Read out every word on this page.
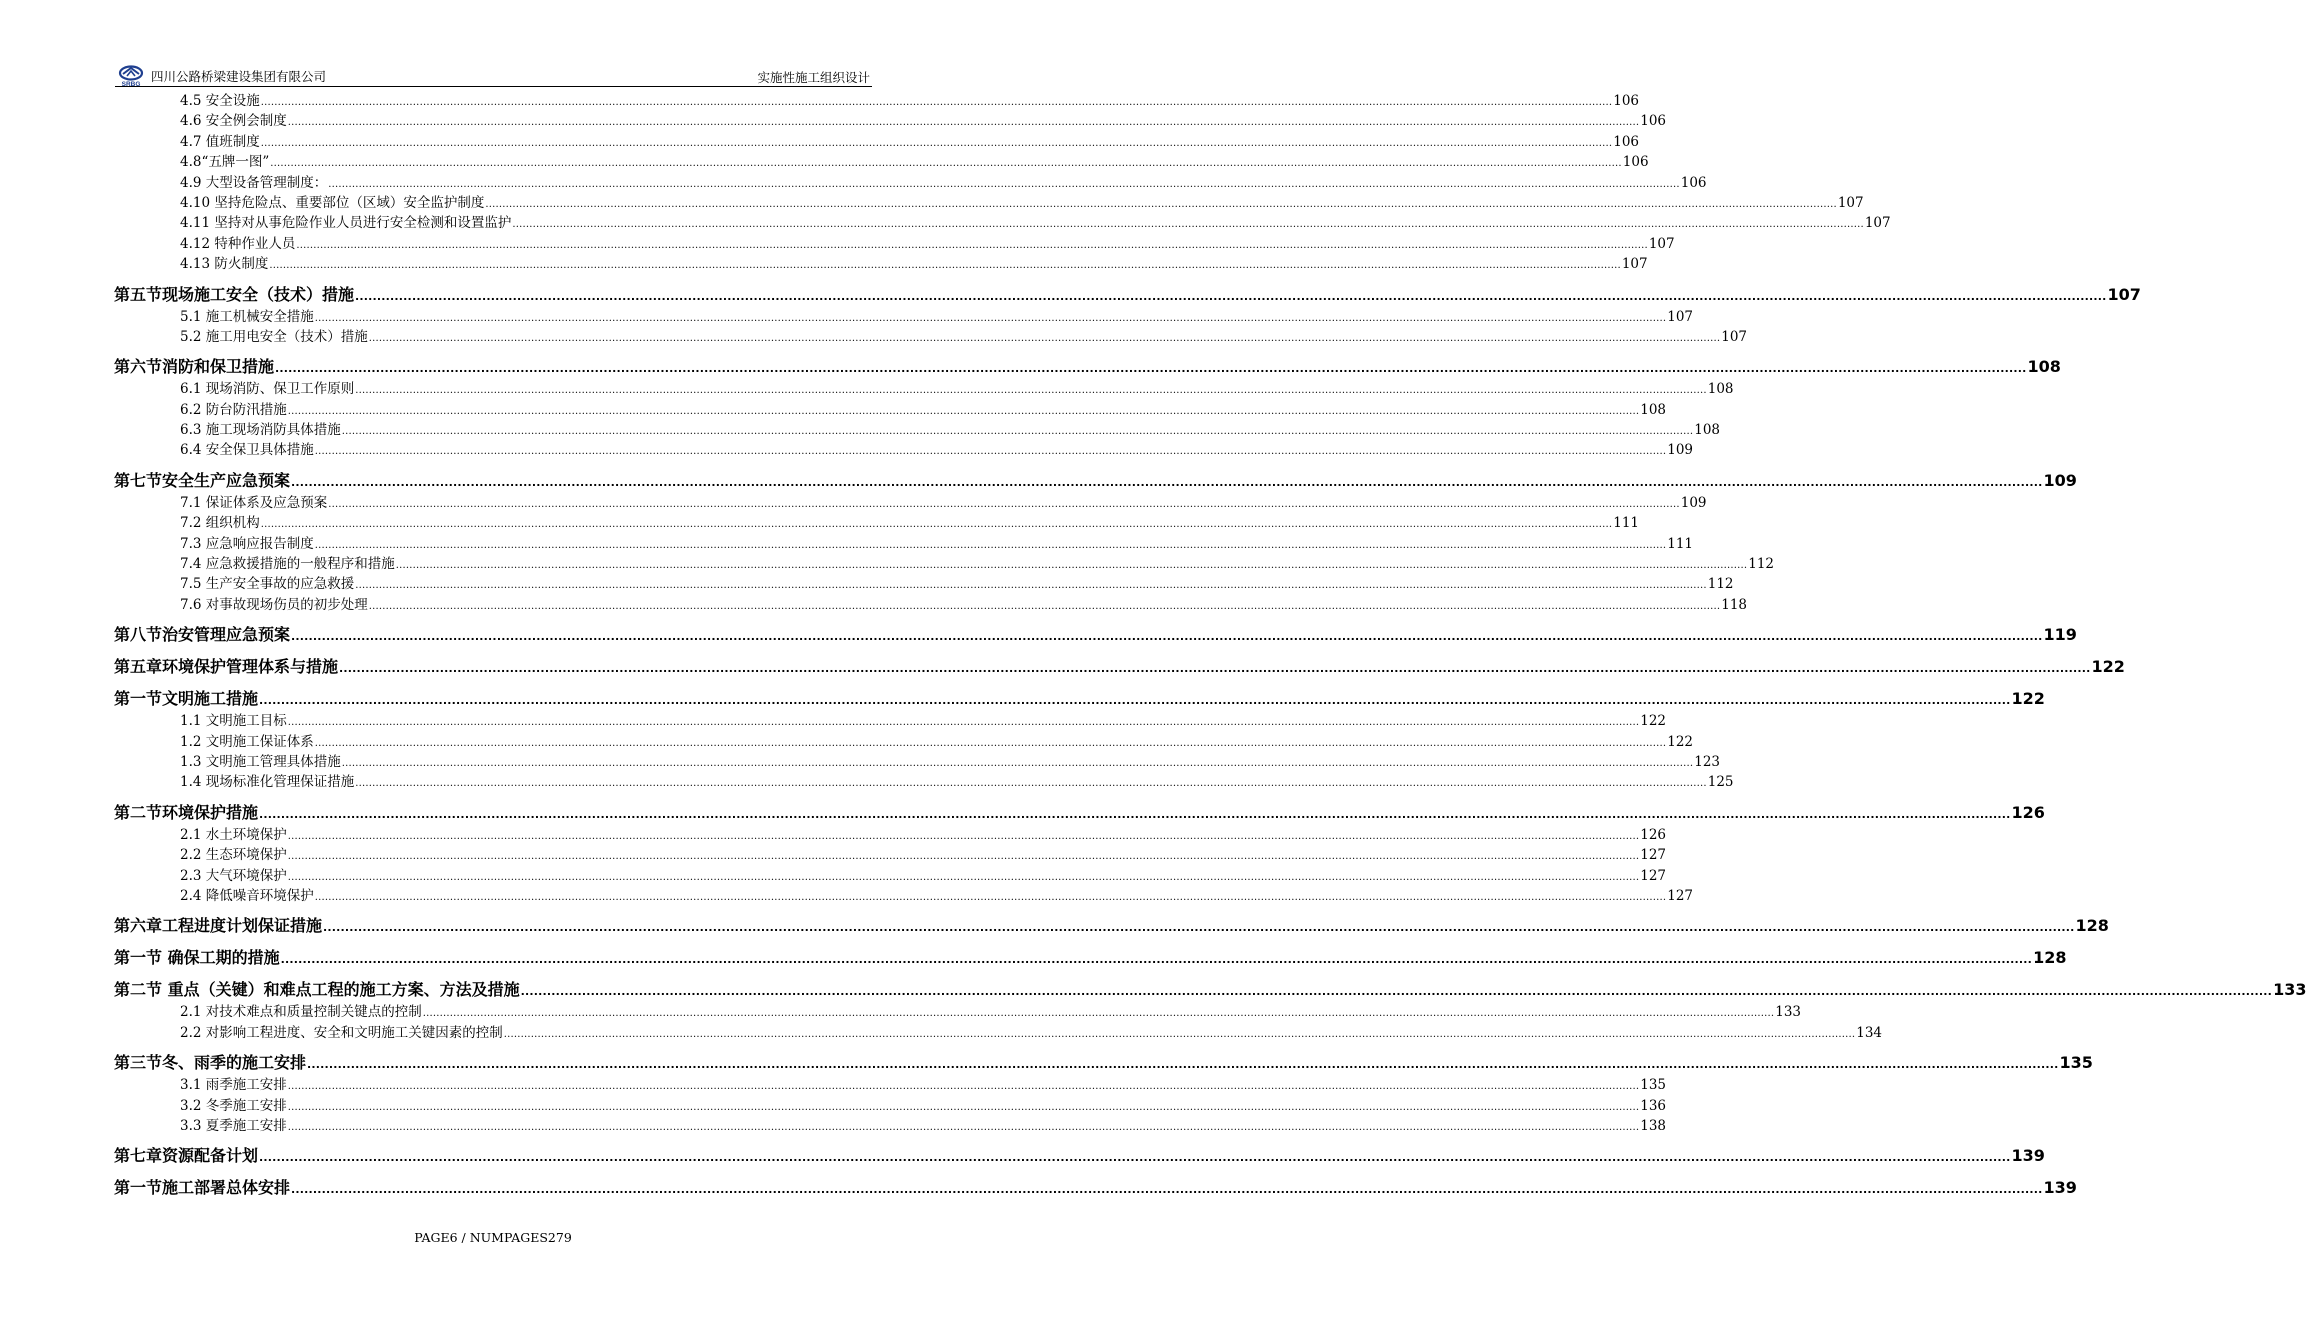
SRBG
四川公路桥梁建设集团有限公司	实施性施工组织设计
4.5 安全设施 ................................................................................................................................................................................................................................................................................................................................................................................................................ 106
4.6 安全例会制度 ................................................................................................................................................................................................................................................................................................................................................................................................................ 106
4.7 值班制度 ................................................................................................................................................................................................................................................................................................................................................................................................................ 106
4.8“五牌一图” ................................................................................................................................................................................................................................................................................................................................................................................................................ 106
4.9 大型设备管理制度： ................................................................................................................................................................................................................................................................................................................................................................................................................ 106
4.10 坚持危险点、重要部位（区域）安全监护制度 ................................................................................................................................................................................................................................................................................................................................................................................................................ 107
4.11 坚持对从事危险作业人员进行安全检测和设置监护 ................................................................................................................................................................................................................................................................................................................................................................................................................ 107
4.12 特种作业人员 ................................................................................................................................................................................................................................................................................................................................................................................................................ 107
4.13 防火制度 ................................................................................................................................................................................................................................................................................................................................................................................................................ 107
第五节现场施工安全（技术）措施 ................................................................................................................................................................................................................................................................................................................................................................................................................ 107
5.1 施工机械安全措施 ................................................................................................................................................................................................................................................................................................................................................................................................................ 107
5.2 施工用电安全（技术）措施 ................................................................................................................................................................................................................................................................................................................................................................................................................ 107
第六节消防和保卫措施 ................................................................................................................................................................................................................................................................................................................................................................................................................ 108
6.1 现场消防、保卫工作原则 ................................................................................................................................................................................................................................................................................................................................................................................................................ 108
6.2 防台防汛措施 ................................................................................................................................................................................................................................................................................................................................................................................................................ 108
6.3 施工现场消防具体措施 ................................................................................................................................................................................................................................................................................................................................................................................................................ 108
6.4 安全保卫具体措施 ................................................................................................................................................................................................................................................................................................................................................................................................................ 109
第七节安全生产应急预案 ................................................................................................................................................................................................................................................................................................................................................................................................................ 109
7.1 保证体系及应急预案 ................................................................................................................................................................................................................................................................................................................................................................................................................ 109
7.2 组织机构 ................................................................................................................................................................................................................................................................................................................................................................................................................ 111
7.3 应急响应报告制度 ................................................................................................................................................................................................................................................................................................................................................................................................................ 111
7.4 应急救援措施的一般程序和措施 ................................................................................................................................................................................................................................................................................................................................................................................................................ 112
7.5 生产安全事故的应急救援 ................................................................................................................................................................................................................................................................................................................................................................................................................ 112
7.6 对事故现场伤员的初步处理 ................................................................................................................................................................................................................................................................................................................................................................................................................ 118
第八节治安管理应急预案 ................................................................................................................................................................................................................................................................................................................................................................................................................ 119
第五章环境保护管理体系与措施 ................................................................................................................................................................................................................................................................................................................................................................................................................ 122
第一节文明施工措施 ................................................................................................................................................................................................................................................................................................................................................................................................................ 122
1.1 文明施工目标 ................................................................................................................................................................................................................................................................................................................................................................................................................ 122
1.2 文明施工保证体系 ................................................................................................................................................................................................................................................................................................................................................................................................................ 122
1.3 文明施工管理具体措施 ................................................................................................................................................................................................................................................................................................................................................................................................................ 123
1.4 现场标准化管理保证措施 ................................................................................................................................................................................................................................................................................................................................................................................................................ 125
第二节环境保护措施 ................................................................................................................................................................................................................................................................................................................................................................................................................ 126
2.1 水土环境保护 ................................................................................................................................................................................................................................................................................................................................................................................................................ 126
2.2 生态环境保护 ................................................................................................................................................................................................................................................................................................................................................................................................................ 127
2.3 大气环境保护 ................................................................................................................................................................................................................................................................................................................................................................................................................ 127
2.4 降低噪音环境保护 ................................................................................................................................................................................................................................................................................................................................................................................................................ 127
第六章工程进度计划保证措施 ................................................................................................................................................................................................................................................................................................................................................................................................................ 128
第一节 确保工期的措施 ................................................................................................................................................................................................................................................................................................................................................................................................................ 128
第二节 重点（关键）和难点工程的施工方案、方法及措施 ................................................................................................................................................................................................................................................................................................................................................................................................................ 133
2.1 对技术难点和质量控制关键点的控制 ................................................................................................................................................................................................................................................................................................................................................................................................................ 133
2.2 对影响工程进度、安全和文明施工关键因素的控制 ................................................................................................................................................................................................................................................................................................................................................................................................................ 134
第三节冬、雨季的施工安排 ................................................................................................................................................................................................................................................................................................................................................................................................................ 135
3.1 雨季施工安排 ................................................................................................................................................................................................................................................................................................................................................................................................................ 135
3.2 冬季施工安排 ................................................................................................................................................................................................................................................................................................................................................................................................................ 136
3.3 夏季施工安排 ................................................................................................................................................................................................................................................................................................................................................................................................................ 138
第七章资源配备计划 ................................................................................................................................................................................................................................................................................................................................................................................................................ 139
第一节施工部署总体安排 ................................................................................................................................................................................................................................................................................................................................................................................................................ 139
PAGE6 / NUMPAGES279
